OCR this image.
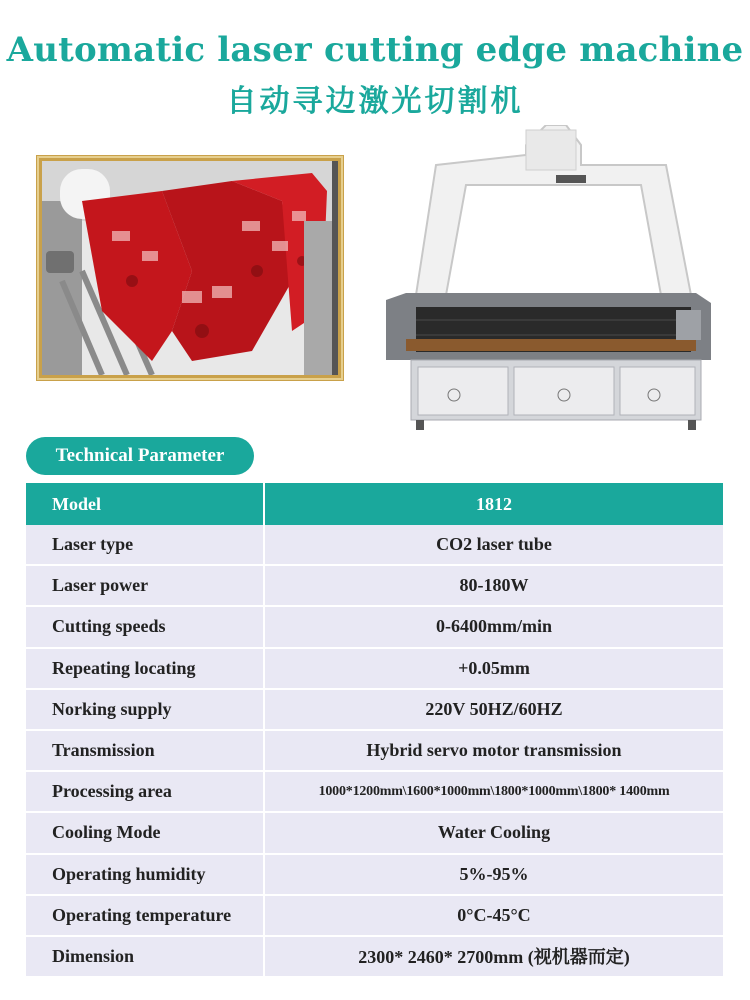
Automatic laser cutting edge machine
自动寻边激光切割机
Technical Parameter
Model	1812
Laser type	CO2 laser tube
Laser power	80-180W
Cutting speeds	0-6400mm/min
Repeating locating	+0.05mm
Norking supply	220V 50HZ/60HZ
Transmission	Hybrid servo motor transmission
Processing area	1000*1200mm\1600*1000mm\1800*1000mm\1800* 1400mm
Cooling Mode	Water Cooling
Operating humidity	5%-95%
Operating temperature	0°C-45°C
Dimension	2300* 2460* 2700mm (视机器而定)
